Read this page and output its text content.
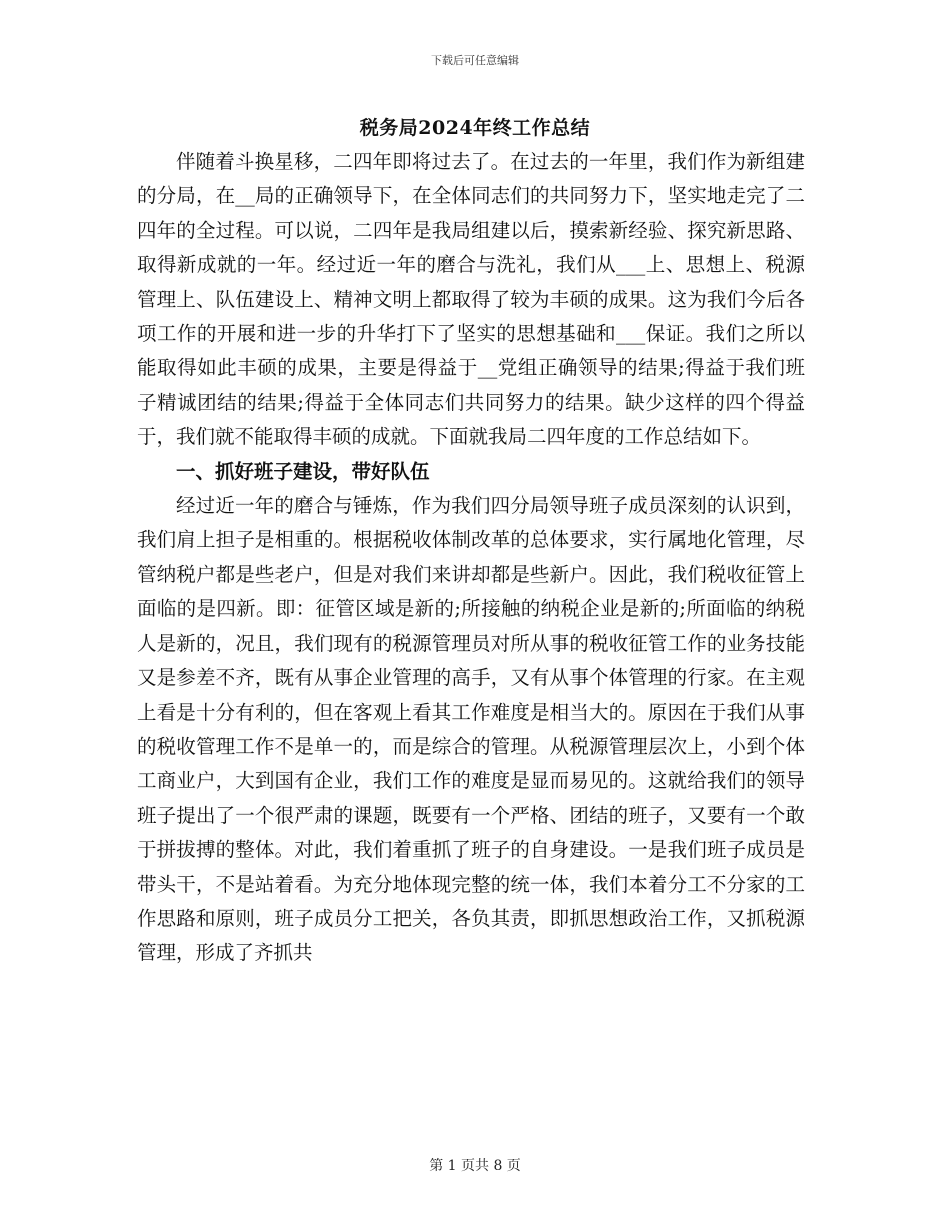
下载后可任意编辑
税务局2024年终工作总结

伴随着斗换星移，二四年即将过去了。在过去的一年里，我们作为新组建的分局，在__局的正确领导下，在全体同志们的共同努力下，坚实地走完了二四年的全过程。可以说，二四年是我局组建以后，摸索新经验、探究新思路、取得新成就的一年。经过近一年的磨合与洗礼，我们从___上、思想上、税源管理上、队伍建设上、精神文明上都取得了较为丰硕的成果。这为我们今后各项工作的开展和进一步的升华打下了坚实的思想基础和___保证。我们之所以能取得如此丰硕的成果，主要是得益于__党组正确领导的结果;得益于我们班子精诚团结的结果;得益于全体同志们共同努力的结果。缺少这样的四个得益于，我们就不能取得丰硕的成就。下面就我局二四年度的工作总结如下。

一、抓好班子建设，带好队伍

经过近一年的磨合与锤炼，作为我们四分局领导班子成员深刻的认识到，我们肩上担子是相重的。根据税收体制改革的总体要求，实行属地化管理，尽管纳税户都是些老户，但是对我们来讲却都是些新户。因此，我们税收征管上面临的是四新。即：征管区域是新的;所接触的纳税企业是新的;所面临的纳税人是新的，况且，我们现有的税源管理员对所从事的税收征管工作的业务技能又是参差不齐，既有从事企业管理的高手，又有从事个体管理的行家。在主观上看是十分有利的，但在客观上看其工作难度是相当大的。原因在于我们从事的税收管理工作不是单一的，而是综合的管理。从税源管理层次上，小到个体工商业户，大到国有企业，我们工作的难度是显而易见的。这就给我们的领导班子提出了一个很严肃的课题，既要有一个严格、团结的班子，又要有一个敢于拼拔搏的整体。对此，我们着重抓了班子的自身建设。一是我们班子成员是带头干，不是站着看。为充分地体现完整的统一体，我们本着分工不分家的工作思路和原则，班子成员分工把关，各负其责，即抓思想政治工作，又抓税源管理，形成了齐抓共

第 1 页共 8 页
